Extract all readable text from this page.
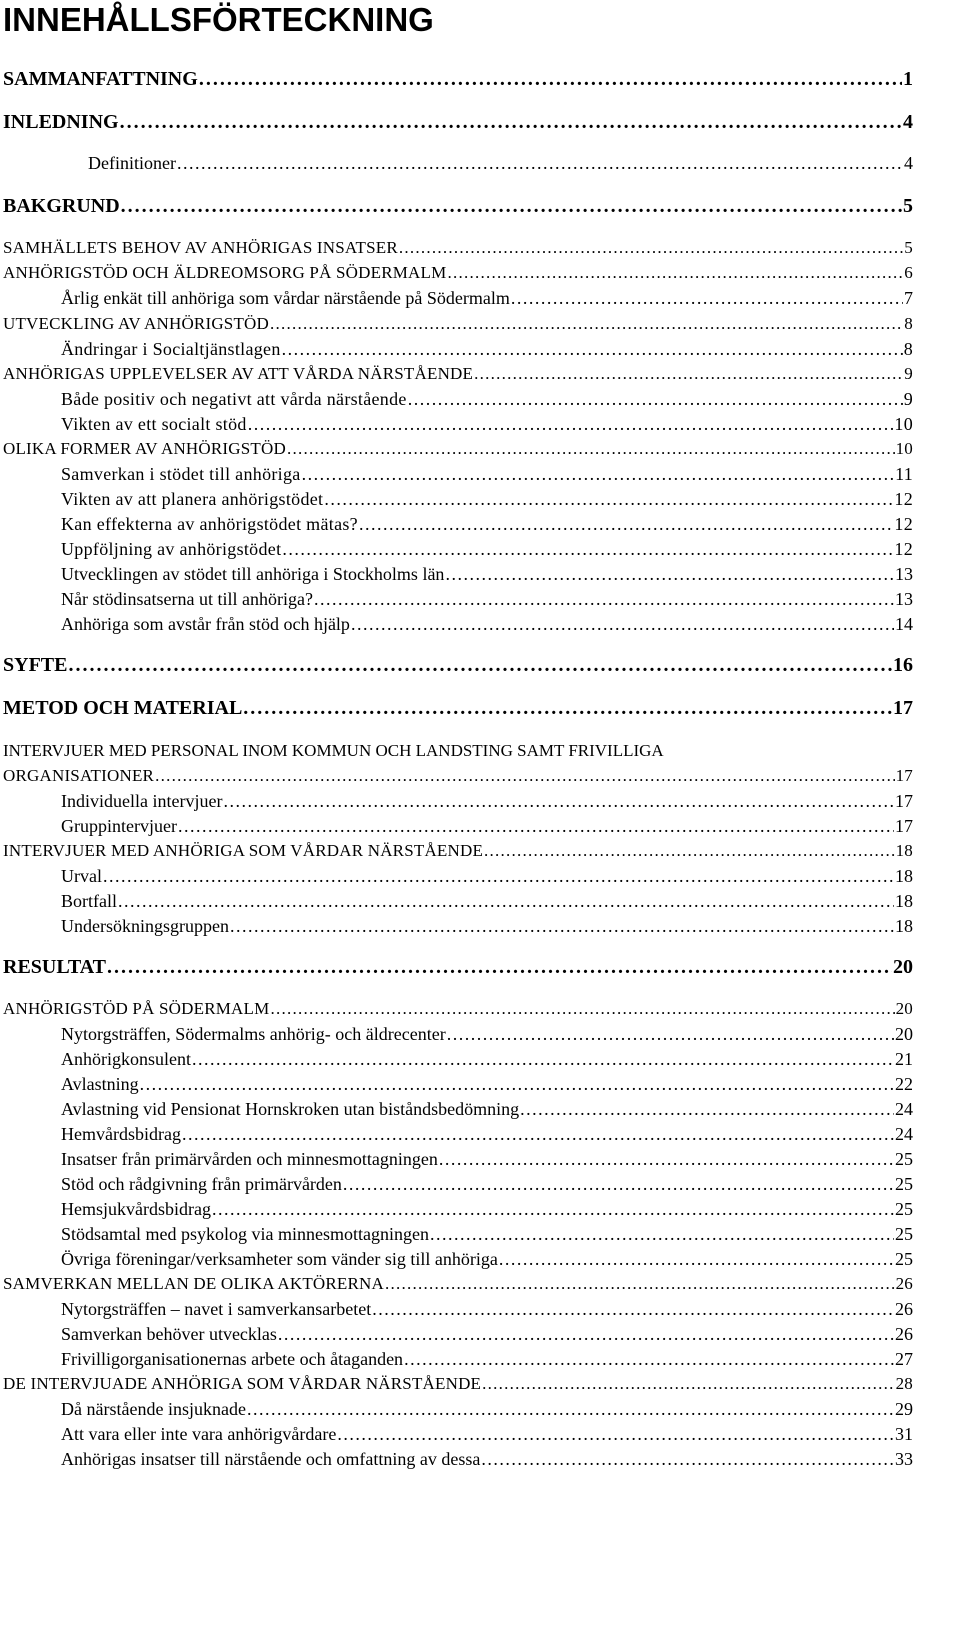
INNEHÅLLSFÖRTECKNING
SAMMANFATTNING . . .	1
INLEDNING . . .	4
Definitioner . . .	4
BAKGRUND . . .	5
SAMHÄLLETS BEHOV AV ANHÖRIGAS INSATSER . . .	5
ANHÖRIGSTÖD OCH ÄLDREOMSORG PÅ SÖDERMALM . . .	6
Årlig enkät till anhöriga som vårdar närstående på Södermalm . . .	7
UTVECKLING AV ANHÖRIGSTÖD . . .	8
Ändringar i Socialtjänstlagen . . .	8
ANHÖRIGAS UPPLEVELSER AV ATT VÅRDA NÄRSTÅENDE . . .	9
Både positiv och negativt att vårda närstående . . .	9
Vikten av ett socialt stöd . . .	10
OLIKA FORMER AV ANHÖRIGSTÖD . . .	10
Samverkan i stödet till anhöriga . . .	11
Vikten av att planera anhörigstödet . . .	12
Kan effekterna av anhörigstödet mätas? . . .	12
Uppföljning av anhörigstödet . . .	12
Utvecklingen av stödet till anhöriga i Stockholms län . . .	13
Når stödinsatserna ut till anhöriga? . . .	13
Anhöriga som avstår från stöd och hjälp . . .	14
SYFTE . . .	16
METOD OCH MATERIAL . . .	17
INTERVJUER MED PERSONAL INOM KOMMUN OCH LANDSTING SAMT FRIVILLIGA
ORGANISATIONER . . .	17
Individuella intervjuer . . .	17
Gruppintervjuer . . .	17
INTERVJUER MED ANHÖRIGA SOM VÅRDAR NÄRSTÅENDE . . .	18
Urval . . .	18
Bortfall . . .	18
Undersökningsgruppen . . .	18
RESULTAT . . .	20
ANHÖRIGSTÖD PÅ SÖDERMALM . . .	20
Nytorgsträffen, Södermalms anhörig- och äldrecenter . . .	20
Anhörigkonsulent . . .	21
Avlastning . . .	22
Avlastning vid Pensionat Hornskroken utan biståndsbedömning . . .	24
Hemvårdsbidrag . . .	24
Insatser från primärvården och minnesmottagningen . . .	25
Stöd och rådgivning från primärvården . . .	25
Hemsjukvårdsbidrag . . .	25
Stödsamtal med psykolog via minnesmottagningen . . .	25
Övriga föreningar/verksamheter som vänder sig till anhöriga . . .	25
SAMVERKAN MELLAN DE OLIKA AKTÖRERNA . . .	26
Nytorgsträffen – navet i samverkansarbetet . . .	26
Samverkan behöver utvecklas . . .	26
Frivilligorganisationernas arbete och åtaganden . . .	27
DE INTERVJUADE ANHÖRIGA SOM VÅRDAR NÄRSTÅENDE . . .	28
Då närstående insjuknade . . .	29
Att vara eller inte vara anhörigvårdare . . .	31
Anhörigas insatser till närstående och omfattning av dessa . . .	33
